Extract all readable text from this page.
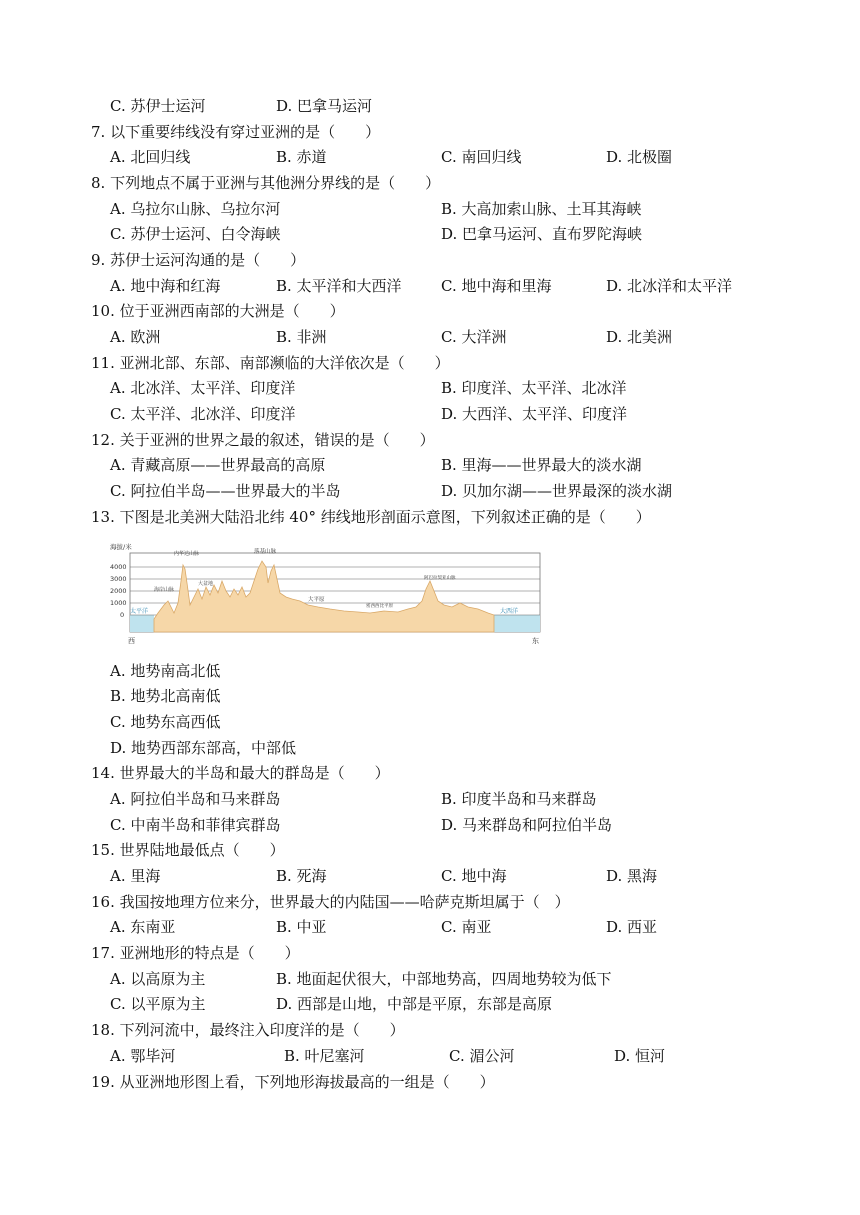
C. 苏伊士运河	D. 巴拿马运河
7. 以下重要纬线没有穿过亚洲的是（　　）
A. 北回归线	B. 赤道	C. 南回归线	D. 北极圈
8. 下列地点不属于亚洲与其他洲分界线的是（　　）
A. 乌拉尔山脉、乌拉尔河	B. 大高加索山脉、土耳其海峡
C. 苏伊士运河、白令海峡	D. 巴拿马运河、直布罗陀海峡
9. 苏伊士运河沟通的是（　　）
A. 地中海和红海	B. 太平洋和大西洋	C. 地中海和里海	D. 北冰洋和太平洋
10. 位于亚洲西南部的大洲是（　　）
A. 欧洲	B. 非洲	C. 大洋洲	D. 北美洲
11. 亚洲北部、东部、南部濒临的大洋依次是（　　）
A. 北冰洋、太平洋、印度洋	B. 印度洋、太平洋、北冰洋
C. 太平洋、北冰洋、印度洋	D. 大西洋、太平洋、印度洋
12. 关于亚洲的世界之最的叙述，错误的是（　　）
A. 青藏高原——世界最高的高原	B. 里海——世界最大的淡水湖
C. 阿拉伯半岛——世界最大的半岛	D. 贝加尔湖——世界最深的淡水湖
13. 下图是北美洲大陆沿北纬 40° 纬线地形剖面示意图，下列叙述正确的是（　　）
海拔/米
4000
3000
2000
1000
0 太平洋	大西洋
内华达山脉
海岸山脉
大盆地
落基山脉
大平原
密西西比平原
阿巴拉契亚山脉
西	东
A. 地势南高北低
B. 地势北高南低
C. 地势东高西低
D. 地势西部东部高，中部低
14. 世界最大的半岛和最大的群岛是（　　）
A. 阿拉伯半岛和马来群岛	B. 印度半岛和马来群岛
C. 中南半岛和菲律宾群岛	D. 马来群岛和阿拉伯半岛
15. 世界陆地最低点（　　）
A. 里海	B. 死海	C. 地中海	D. 黑海
16. 我国按地理方位来分，世界最大的内陆国——哈萨克斯坦属于（　）
A. 东南亚	B. 中亚	C. 南亚	D. 西亚
17. 亚洲地形的特点是（　　）
A. 以高原为主	B. 地面起伏很大，中部地势高，四周地势较为低下
C. 以平原为主	D. 西部是山地，中部是平原，东部是高原
18. 下列河流中，最终注入印度洋的是（　　）
A. 鄂毕河	B. 叶尼塞河	C. 湄公河	D. 恒河
19. 从亚洲地形图上看，下列地形海拔最高的一组是（　　）
